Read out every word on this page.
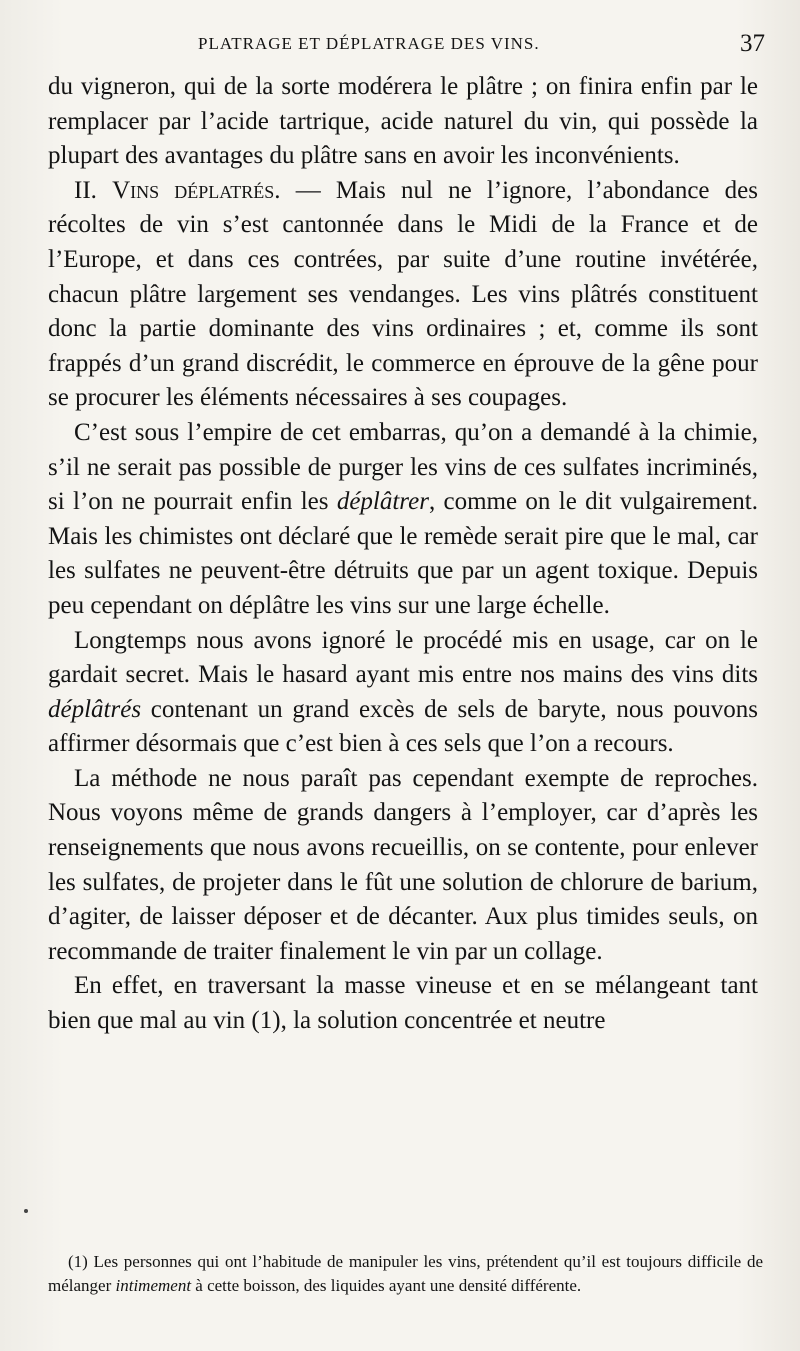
PLATRAGE ET DÉPLATRAGE DES VINS.	37

du vigneron, qui de la sorte modérera le plâtre ; on finira enfin par le remplacer par l’acide tartrique, acide naturel du vin, qui possède la plupart des avantages du plâtre sans en avoir les inconvénients.

II. Vins déplatrés. — Mais nul ne l’ignore, l’abondance des récoltes de vin s’est cantonnée dans le Midi de la France et de l’Europe, et dans ces contrées, par suite d’une routine invétérée, chacun plâtre largement ses vendanges. Les vins plâtrés constituent donc la partie dominante des vins ordinaires ; et, comme ils sont frappés d’un grand discrédit, le commerce en éprouve de la gêne pour se procurer les éléments nécessaires à ses coupages.

C’est sous l’empire de cet embarras, qu’on a demandé à la chimie, s’il ne serait pas possible de purger les vins de ces sulfates incriminés, si l’on ne pourrait enfin les déplâtrer, comme on le dit vulgairement. Mais les chimistes ont déclaré que le remède serait pire que le mal, car les sulfates ne peuvent-être détruits que par un agent toxique. Depuis peu cependant on déplâtre les vins sur une large échelle.

Longtemps nous avons ignoré le procédé mis en usage, car on le gardait secret. Mais le hasard ayant mis entre nos mains des vins dits déplâtrés contenant un grand excès de sels de baryte, nous pouvons affirmer désormais que c’est bien à ces sels que l’on a recours.

La méthode ne nous paraît pas cependant exempte de reproches. Nous voyons même de grands dangers à l’employer, car d’après les renseignements que nous avons recueillis, on se contente, pour enlever les sulfates, de projeter dans le fût une solution de chlorure de barium, d’agiter, de laisser déposer et de décanter. Aux plus timides seuls, on recommande de traiter finalement le vin par un collage.

En effet, en traversant la masse vineuse et en se mélangeant tant bien que mal au vin (1), la solution concentrée et neutre

(1) Les personnes qui ont l’habitude de manipuler les vins, prétendent qu’il est toujours difficile de mélanger intimement à cette boisson, des liquides ayant une densité différente.
